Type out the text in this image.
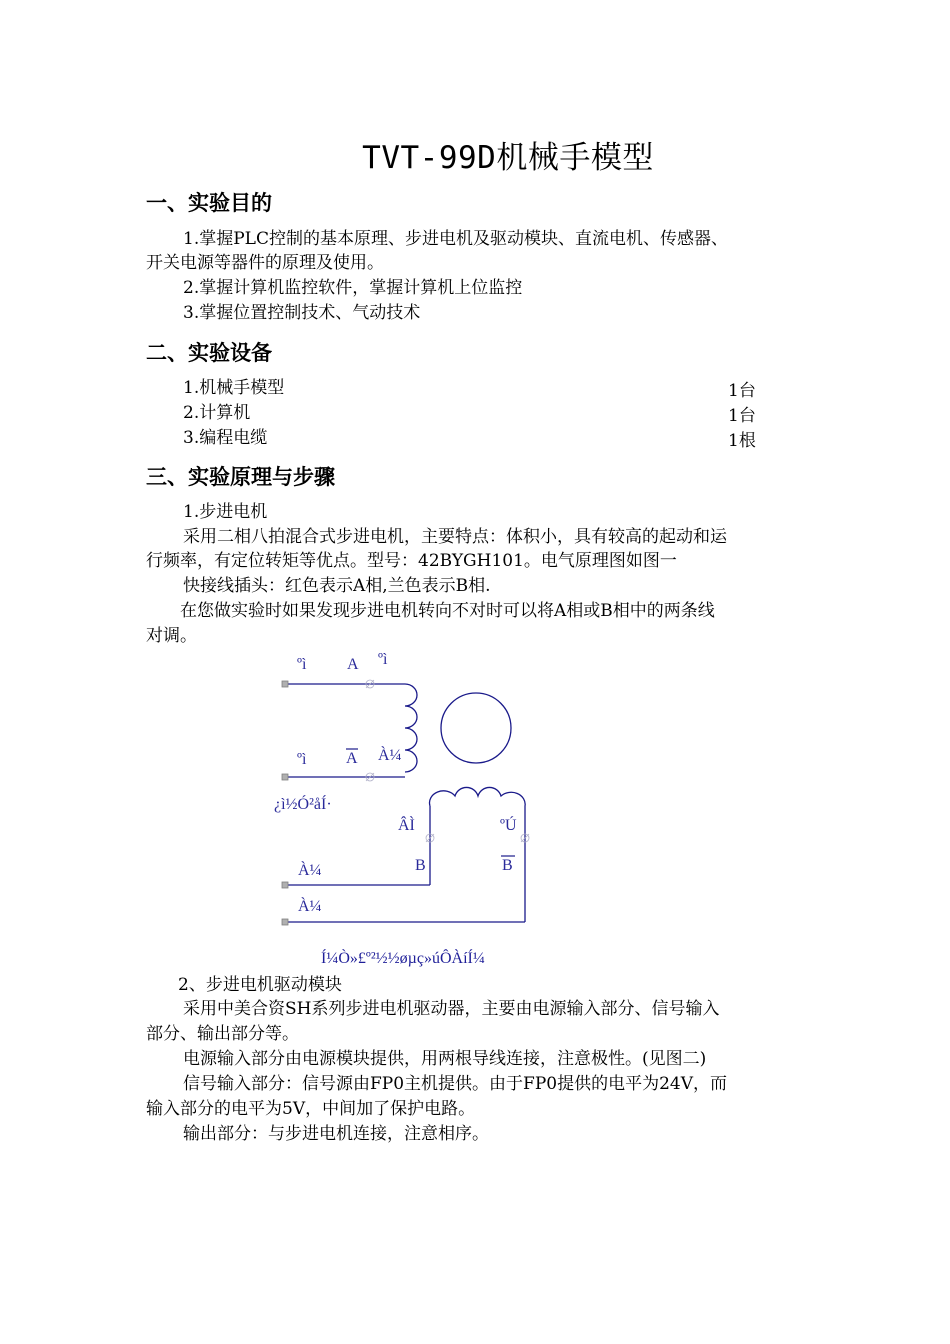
TVT-99D机械手模型
一、实验目的
1.掌握PLC控制的基本原理、步进电机及驱动模块、直流电机、传感器、
开关电源等器件的原理及使用。
2.掌握计算机监控软件，掌握计算机上位监控
3.掌握位置控制技术、气动技术
二、实验设备
1.机械手模型	1台
2.计算机	1台
3.编程电缆	1根
三、实验原理与步骤
1.步进电机
采用二相八拍混合式步进电机，主要特点：体积小，具有较高的起动和运
行频率，有定位转矩等优点。型号：42BYGH101。电气原理图如图一
快接线插头：红色表示A相,兰色表示B相.
在您做实验时如果发现步进电机转向不对时可以将A相或B相中的两条线
对调。
ºì	A ºì
ºì A À¼
¿ì½Ó²åÍ·
ÂÌ	ºÚ
B	B
À¼
À¼
Í¼Ò»£º²½½øµç»úÔÀíÍ¼
2、步进电机驱动模块
采用中美合资SH系列步进电机驱动器，主要由电源输入部分、信号输入
部分、输出部分等。
电源输入部分由电源模块提供，用两根导线连接，注意极性。(见图二)
信号输入部分：信号源由FP0主机提供。由于FP0提供的电平为24V，而
输入部分的电平为5V，中间加了保护电路。
输出部分：与步进电机连接，注意相序。
